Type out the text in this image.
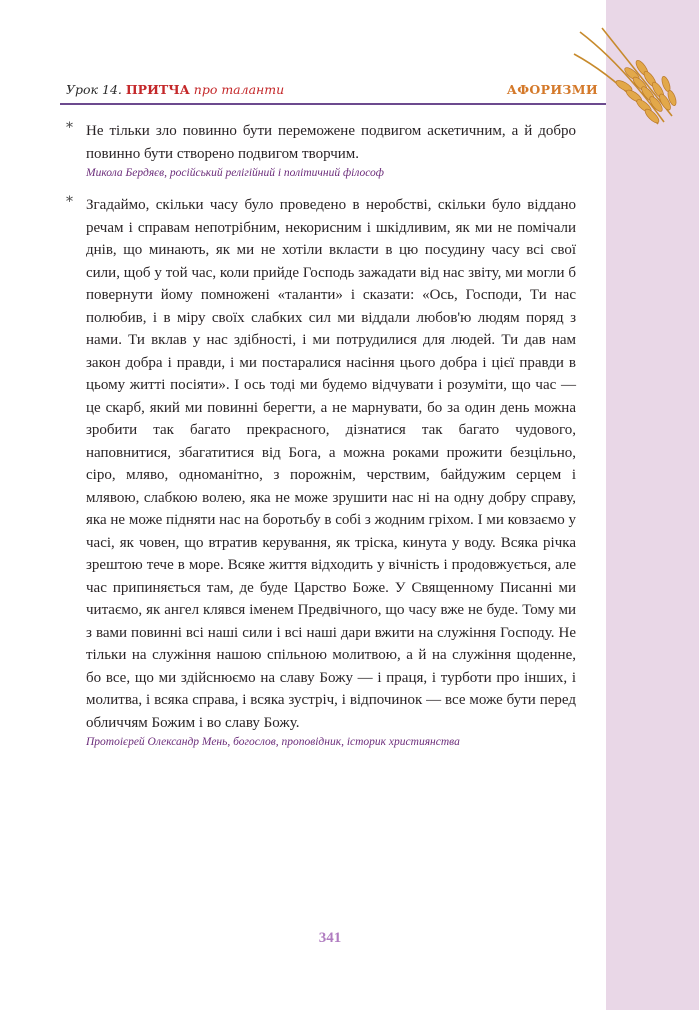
Урок 14. ПРИТЧА про таланти	АФОРИЗМИ
* Не тільки зло повинно бути переможене подвигом аскетичним, а й добро повинно бути створено подвигом творчим.
Микола Бердяєв, російський релігійний і політичний філософ
* Згадаймо, скільки часу було проведено в неробстві, скільки було віддано речам і справам непотрібним, некорисним і шкідливим, як ми не помічали днів, що минають, як ми не хотіли вкласти в цю посудину часу всі свої сили, щоб у той час, коли прийде Господь зажадати від нас звіту, ми могли б повернути йому помножені «таланти» і сказати: «Ось, Господи, Ти нас полюбив, і в міру своїх слабких сил ми віддали любов'ю людям поряд з нами. Ти вклав у нас здібності, і ми потрудилися для людей. Ти дав нам закон добра і правди, і ми постаралися насіння цього добра і цієї правди в цьому житті посіяти». І ось тоді ми будемо відчувати і розуміти, що час — це скарб, який ми повинні берегти, а не марнувати, бо за один день можна зробити так багато прекрасного, дізнатися так багато чудового, наповнитися, збагатитися від Бога, а можна роками прожити безцільно, сіро, мляво, одноманітно, з порожнім, черствим, байдужим серцем і млявою, слабкою волею, яка не може зрушити нас ні на одну добру справу, яка не може підняти нас на боротьбу в собі з жодним гріхом. І ми ковзаємо у часі, як човен, що втратив керування, як тріска, кинута у воду. Всяка річка зрештою тече в море. Всяке життя відходить у вічність і продовжується, але час припиняється там, де буде Царство Боже. У Священному Писанні ми читаємо, як ангел клявся іменем Предвічного, що часу вже не буде. Тому ми з вами повинні всі наші сили і всі наші дари вжити на служіння Господу. Не тільки на служіння нашою спільною молитвою, а й на служіння щоденне, бо все, що ми здійснюємо на славу Божу — і праця, і турботи про інших, і молитва, і всяка справа, і всяка зустріч, і відпочинок — все може бути перед обличчям Божим і во славу Божу.
Протоієрей Олександр Мень, богослов, проповідник, історик християнства
341
